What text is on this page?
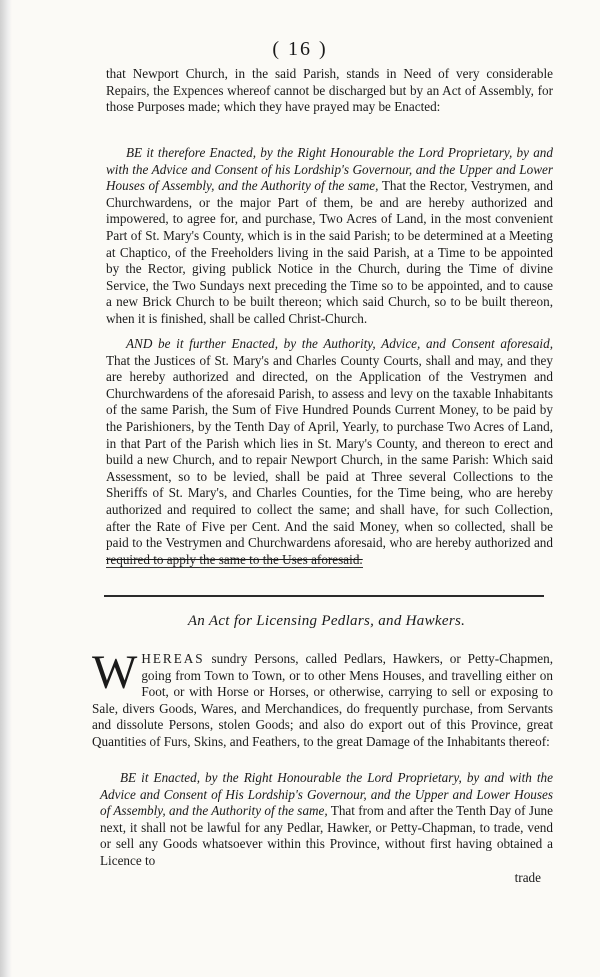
( 16 )

that Newport Church, in the said Parish, stands in Need of very considerable Repairs, the Expences whereof cannot be discharged but by an Act of Assembly, for those Purposes made; which they have prayed may be Enacted:

BE it therefore Enacted, by the Right Honourable the Lord Proprietary, by and with the Advice and Consent of his Lordship's Governour, and the Upper and Lower Houses of Assembly, and the Authority of the same, That the Rector, Vestrymen, and Churchwardens, or the major Part of them, be and are hereby authorized and impowered, to agree for, and purchase, Two Acres of Land, in the most convenient Part of St. Mary's County, which is in the said Parish; to be determined at a Meeting at Chaptico, of the Freeholders living in the said Parish, at a Time to be appointed by the Rector, giving publick Notice in the Church, during the Time of divine Service, the Two Sundays next preceding the Time so to be appointed, and to cause a new Brick Church to be built thereon; which said Church, so to be built thereon, when it is finished, shall be called Christ-Church.

AND be it further Enacted, by the Authority, Advice, and Consent aforesaid, That the Justices of St. Mary's and Charles County Courts, shall and may, and they are hereby authorized and directed, on the Application of the Vestrymen and Churchwardens of the aforesaid Parish, to assess and levy on the taxable Inhabitants of the same Parish, the Sum of Five Hundred Pounds Current Money, to be paid by the Parishioners, by the Tenth Day of April, Yearly, to purchase Two Acres of Land, in that Part of the Parish which lies in St. Mary's County, and thereon to erect and build a new Church, and to repair Newport Church, in the same Parish: Which said Assessment, so to be levied, shall be paid at Three several Collections to the Sheriffs of St. Mary's, and Charles Counties, for the Time being, who are hereby authorized and required to collect the same; and shall have, for such Collection, after the Rate of Five per Cent. And the said Money, when so collected, shall be paid to the Vestrymen and Churchwardens aforesaid, who are hereby authorized and required to apply the same to the Uses aforesaid.

An Act for Licensing Pedlars, and Hawkers.

W HEREAS sundry Persons, called Pedlars, Hawkers, or Petty-Chapmen, going from Town to Town, or to other Mens Houses, and travelling either on Foot, or with Horse or Horses, or otherwise, carrying to sell or exposing to Sale, divers Goods, Wares, and Merchandices, do frequently purchase, from Servants and dissolute Persons, stolen Goods; and also do export out of this Province, great Quantities of Furs, Skins, and Feathers, to the great Damage of the Inhabitants thereof:

BE it Enacted, by the Right Honourable the Lord Proprietary, by and with the Advice and Consent of His Lordship's Governour, and the Upper and Lower Houses of Assembly, and the Authority of the same, That from and after the Tenth Day of June next, it shall not be lawful for any Pedlar, Hawker, or Petty-Chapman, to trade, vend or sell any Goods whatsoever within this Province, without first having obtained a Licence to

trade
